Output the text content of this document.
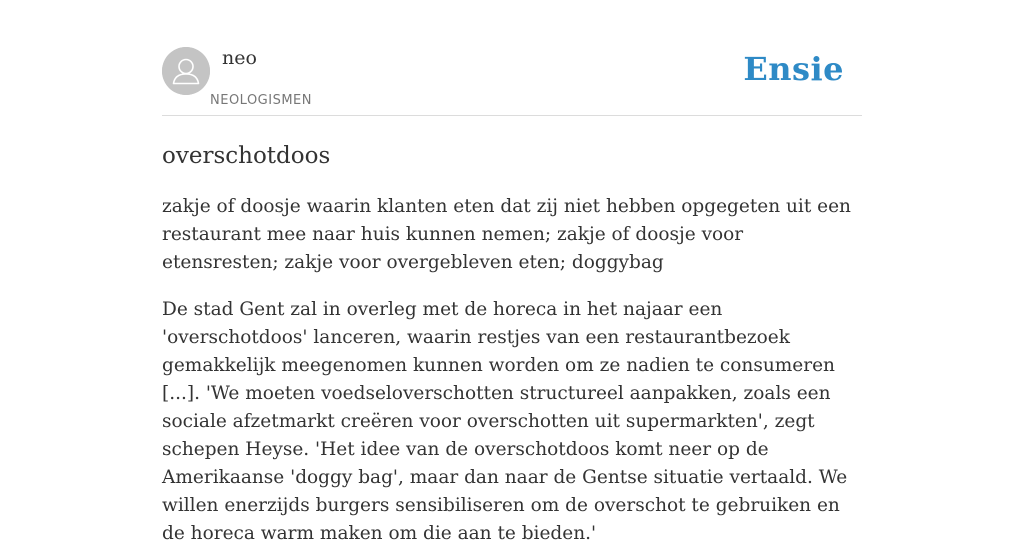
neo
NEOLOGISMEN
Ensie
overschotdoos

zakje of doosje waarin klanten eten dat zij niet hebben opgegeten uit een restaurant mee naar huis kunnen nemen; zakje of doosje voor etensresten; zakje voor overgebleven eten; doggybag

De stad Gent zal in overleg met de horeca in het najaar een 'overschotdoos' lanceren, waarin restjes van een restaurantbezoek gemakkelijk meegenomen kunnen worden om ze nadien te consumeren [...]. 'We moeten voedseloverschotten structureel aanpakken, zoals een sociale afzetmarkt creëren voor overschotten uit supermarkten', zegt schepen Heyse. 'Het idee van de overschotdoos komt neer op de Amerikaanse 'doggy bag', maar dan naar de Gentse situatie vertaald. We willen enerzijds burgers sensibiliseren om de overschot te gebruiken en de horeca warm maken om die aan te bieden.'
